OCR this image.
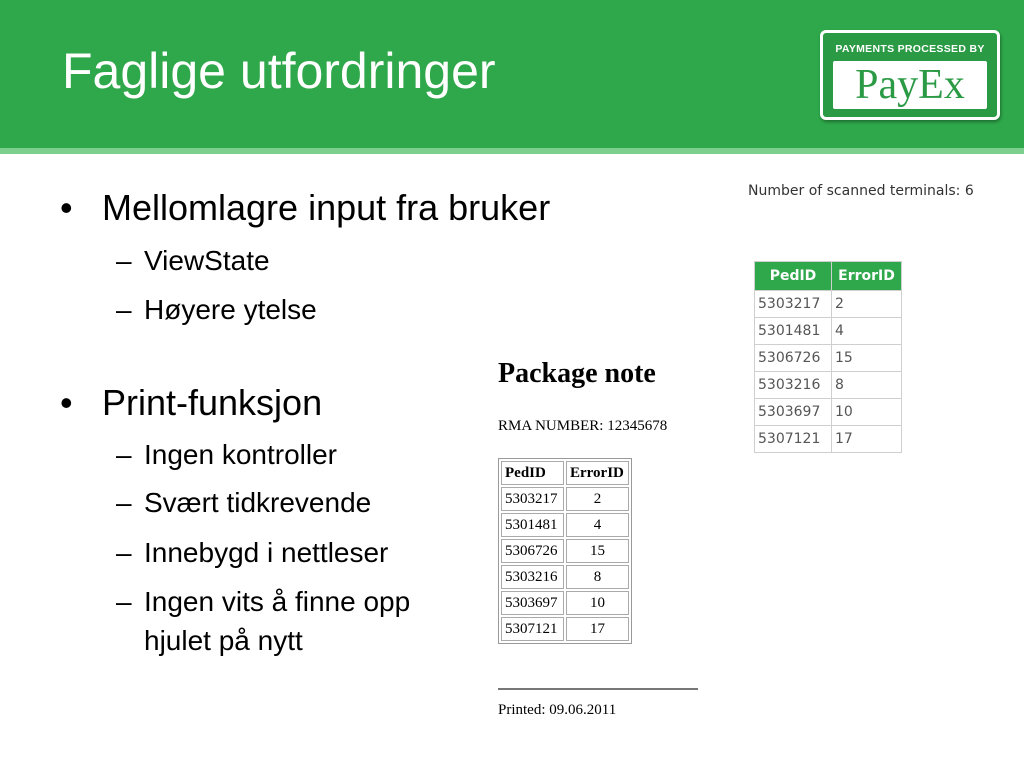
Faglige utfordringer	PAYMENTS PROCESSED BY
PayEx
• Mellomlagre input fra bruker
– ViewState
– Høyere ytelse
• Print-funksjon
– Ingen kontroller
– Svært tidkrevende
– Innebygd i nettleser
– Ingen vits å finne opp
hjulet på nytt
Number of scanned terminals: 6
PedID	ErrorID
5303217	2
5301481	4
5306726	15
5303216	8
5303697	10
5307121	17
Package note
RMA NUMBER: 12345678
PedID	ErrorID
5303217	2
5301481	4
5306726	15
5303216	8
5303697	10
5307121	17
Printed: 09.06.2011
